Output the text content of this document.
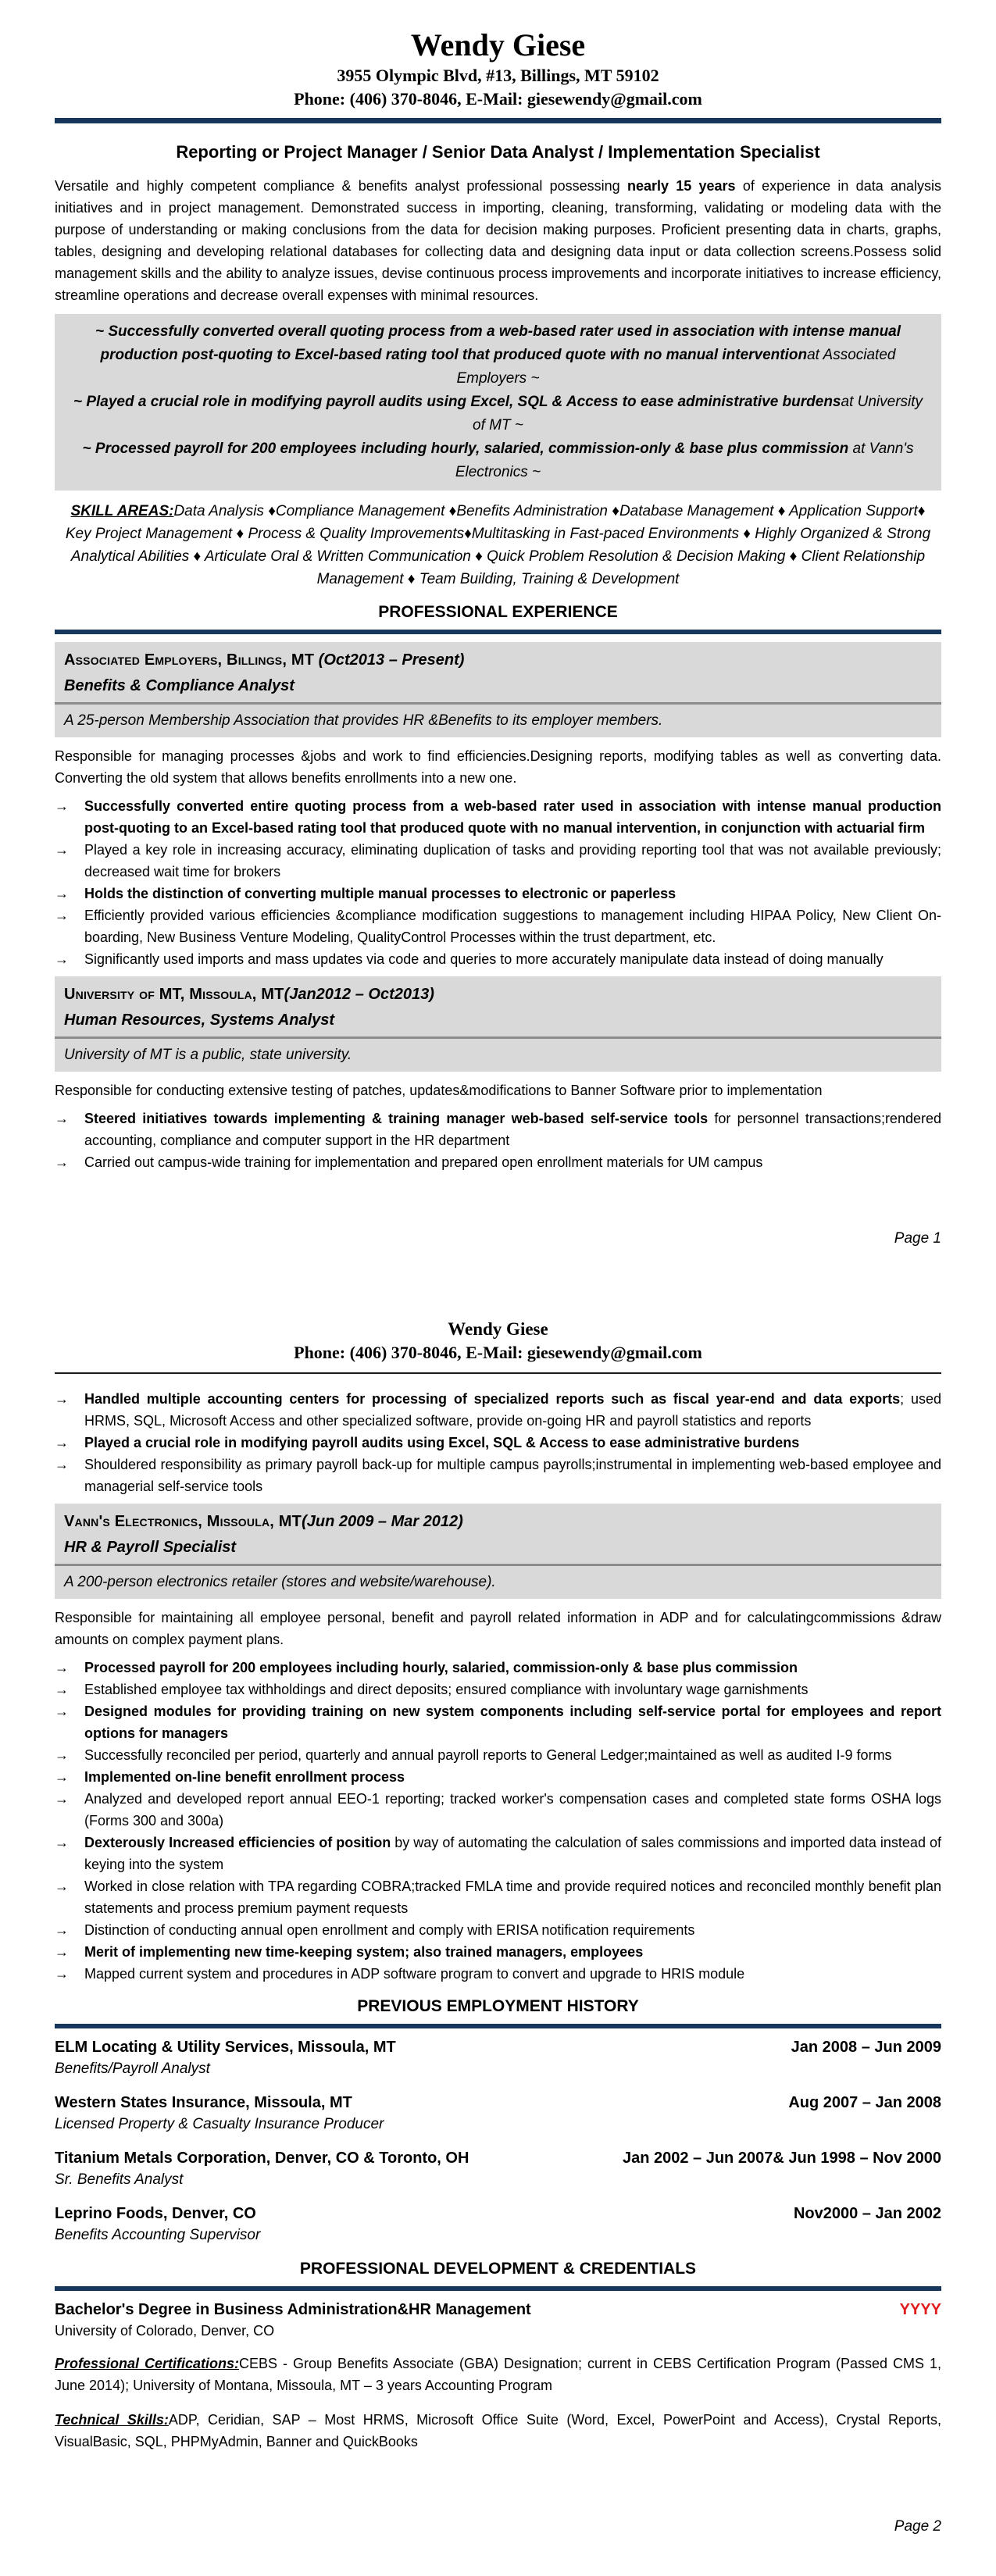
Wendy Giese
3955 Olympic Blvd, #13, Billings, MT 59102
Phone: (406) 370-8046, E-Mail: giesewendy@gmail.com
Reporting or Project Manager / Senior Data Analyst / Implementation Specialist

Versatile and highly competent compliance & benefits analyst professional possessing nearly 15 years of experience in data analysis initiatives and in project management. Demonstrated success in importing, cleaning, transforming, validating or modeling data with the purpose of understanding or making conclusions from the data for decision making purposes. Proficient presenting data in charts, graphs, tables, designing and developing relational databases for collecting data and designing data input or data collection screens.Possess solid management skills and the ability to analyze issues, devise continuous process improvements and incorporate initiatives to increase efficiency, streamline operations and decrease overall expenses with minimal resources.

~ Successfully converted overall quoting process from a web-based rater used in association with intense manual production post-quoting to Excel-based rating tool that produced quote with no manual interventionat Associated Employers ~
~ Played a crucial role in modifying payroll audits using Excel, SQL & Access to ease administrative burdensat University of MT ~
~ Processed payroll for 200 employees including hourly, salaried, commission-only & base plus commission at Vann's Electronics ~
SKILL AREAS:Data Analysis ♦Compliance Management ♦Benefits Administration ♦Database Management ♦ Application Support♦ Key Project Management ♦ Process & Quality Improvements♦Multitasking in Fast-paced Environments ♦ Highly Organized & Strong Analytical Abilities ♦ Articulate Oral & Written Communication ♦ Quick Problem Resolution & Decision Making ♦ Client Relationship Management ♦ Team Building, Training & Development
PROFESSIONAL EXPERIENCE
Associated Employers, Billings, MT (Oct2013 – Present)
Benefits & Compliance Analyst
A 25-person Membership Association that provides HR &Benefits to its employer members.

Responsible for managing processes &jobs and work to find efficiencies.Designing reports, modifying tables as well as converting data. Converting the old system that allows benefits enrollments into a new one.

→	Successfully converted entire quoting process from a web-based rater used in association with intense manual production post-quoting to an Excel-based rating tool that produced quote with no manual intervention, in conjunction with actuarial firm
→	Played a key role in increasing accuracy, eliminating duplication of tasks and providing reporting tool that was not available previously; decreased wait time for brokers
→	Holds the distinction of converting multiple manual processes to electronic or paperless
→	Efficiently provided various efficiencies &compliance modification suggestions to management including HIPAA Policy, New Client On-boarding, New Business Venture Modeling, QualityControl Processes within the trust department, etc.
→	Significantly used imports and mass updates via code and queries to more accurately manipulate data instead of doing manually
University of MT, Missoula, MT(Jan2012 – Oct2013)
Human Resources, Systems Analyst
University of MT is a public, state university.

Responsible for conducting extensive testing of patches, updates&modifications to Banner Software prior to implementation

→	Steered initiatives towards implementing & training manager web-based self-service tools for personnel transactions;rendered accounting, compliance and computer support in the HR department
→	Carried out campus-wide training for implementation and prepared open enrollment materials for UM campus
Page 1
Wendy Giese
Phone: (406) 370-8046, E-Mail: giesewendy@gmail.com
→	Handled multiple accounting centers for processing of specialized reports such as fiscal year-end and data exports; used HRMS, SQL, Microsoft Access and other specialized software, provide on-going HR and payroll statistics and reports
→	Played a crucial role in modifying payroll audits using Excel, SQL & Access to ease administrative burdens
→	Shouldered responsibility as primary payroll back-up for multiple campus payrolls;instrumental in implementing web-based employee and managerial self-service tools
Vann's Electronics, Missoula, MT(Jun 2009 – Mar 2012)
HR & Payroll Specialist
A 200-person electronics retailer (stores and website/warehouse).

Responsible for maintaining all employee personal, benefit and payroll related information in ADP and for calculatingcommissions &draw amounts on complex payment plans.

→	Processed payroll for 200 employees including hourly, salaried, commission-only & base plus commission
→	Established employee tax withholdings and direct deposits; ensured compliance with involuntary wage garnishments
→	Designed modules for providing training on new system components including self-service portal for employees and report options for managers
→	Successfully reconciled per period, quarterly and annual payroll reports to General Ledger;maintained as well as audited I-9 forms
→	Implemented on-line benefit enrollment process
→	Analyzed and developed report annual EEO-1 reporting; tracked worker's compensation cases and completed state forms OSHA logs (Forms 300 and 300a)
→	Dexterously Increased efficiencies of position by way of automating the calculation of sales commissions and imported data instead of keying into the system
→	Worked in close relation with TPA regarding COBRA;tracked FMLA time and provide required notices and reconciled monthly benefit plan statements and process premium payment requests
→	Distinction of conducting annual open enrollment and comply with ERISA notification requirements
→	Merit of implementing new time-keeping system; also trained managers, employees
→	Mapped current system and procedures in ADP software program to convert and upgrade to HRIS module
PREVIOUS EMPLOYMENT HISTORY
ELM Locating & Utility Services, Missoula, MT	Jan 2008 – Jun 2009
Benefits/Payroll Analyst
Western States Insurance, Missoula, MT	Aug 2007 – Jan 2008
Licensed Property & Casualty Insurance Producer
Titanium Metals Corporation, Denver, CO & Toronto, OH	Jan 2002 – Jun 2007& Jun 1998 – Nov 2000
Sr. Benefits Analyst
Leprino Foods, Denver, CO	Nov2000 – Jan 2002
Benefits Accounting Supervisor
PROFESSIONAL DEVELOPMENT & CREDENTIALS
Bachelor's Degree in Business Administration&HR Management	YYYY
University of Colorado, Denver, CO

Professional Certifications:CEBS - Group Benefits Associate (GBA) Designation; current in CEBS Certification Program (Passed CMS 1, June 2014); University of Montana, Missoula, MT – 3 years Accounting Program

Technical Skills:ADP, Ceridian, SAP – Most HRMS, Microsoft Office Suite (Word, Excel, PowerPoint and Access), Crystal Reports, VisualBasic, SQL, PHPMyAdmin, Banner and QuickBooks

Page 2
